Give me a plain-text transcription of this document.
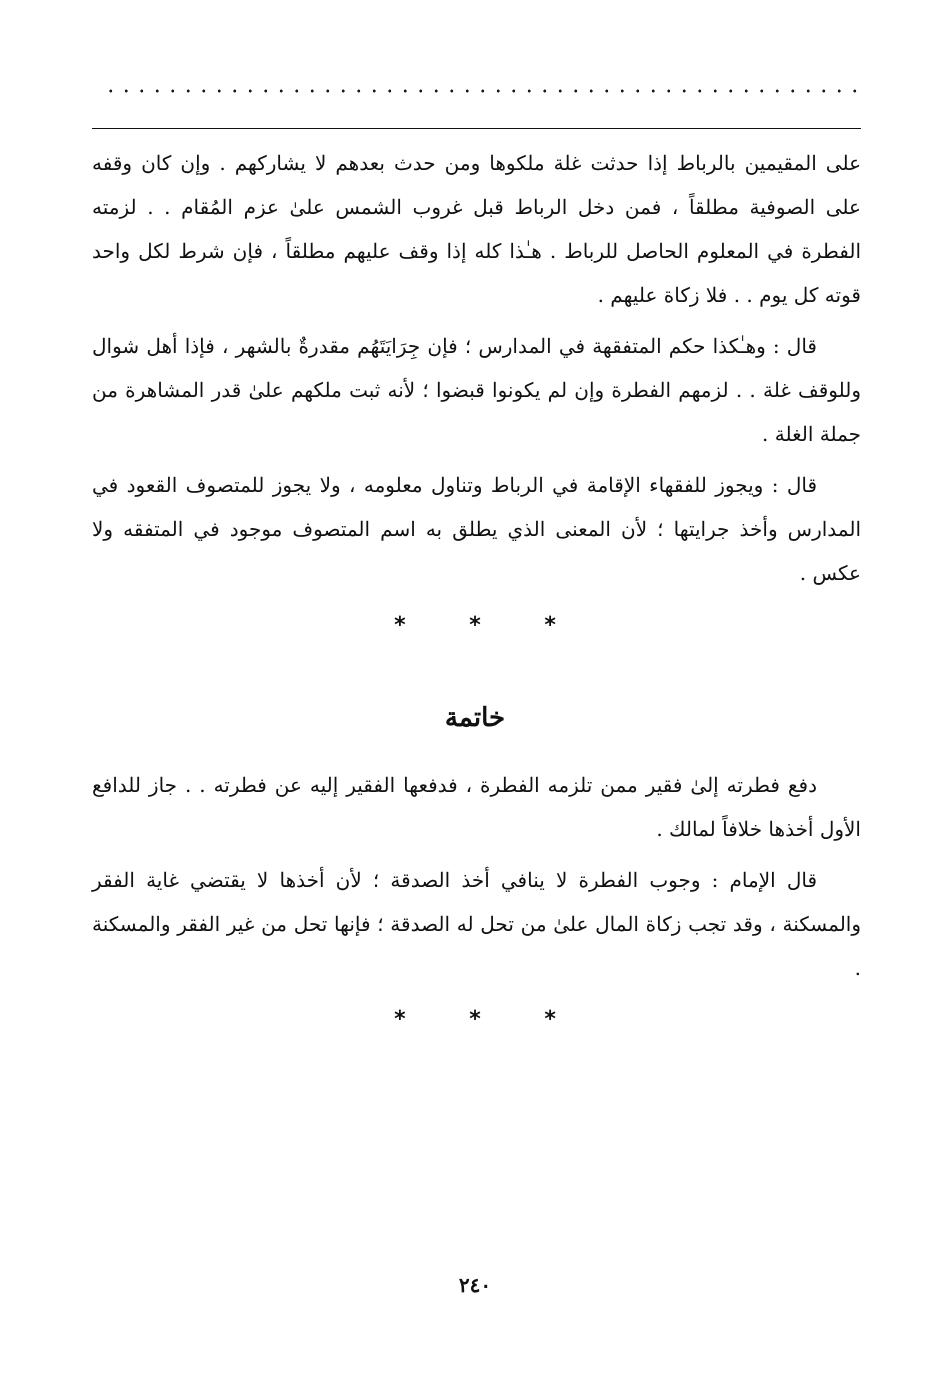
على المقيمين بالرباط إذا حدثت غلة ملكوها ومن حدث بعدهم لا يشاركهم . وإن كان وقفه على الصوفية مطلقاً ، فمن دخل الرباط قبل غروب الشمس علىٰ عزم المُقام . . لزمته الفطرة في المعلوم الحاصل للرباط . هـٰذا كله إذا وقف عليهم مطلقاً ، فإن شرط لكل واحد قوته كل يوم . . فلا زكاة عليهم .

قال : وهـٰكذا حكم المتفقهة في المدارس ؛ فإن جِرَايَتَهُم مقدرةٌ بالشهر ، فإذا أهل شوال وللوقف غلة . . لزمهم الفطرة وإن لم يكونوا قبضوا ؛ لأنه ثبت ملكهم علىٰ قدر المشاهرة من جملة الغلة .

قال : ويجوز للفقهاء الإقامة في الرباط وتناول معلومه ، ولا يجوز للمتصوف القعود في المدارس وأخذ جرايتها ؛ لأن المعنى الذي يطلق به اسم المتصوف موجود في المتفقه ولا عكس .

* * *
خاتمة

دفع فطرته إلىٰ فقير ممن تلزمه الفطرة ، فدفعها الفقير إليه عن فطرته . . جاز للدافع الأول أخذها خلافاً لمالك .

قال الإمام : وجوب الفطرة لا ينافي أخذ الصدقة ؛ لأن أخذها لا يقتضي غاية الفقر والمسكنة ، وقد تجب زكاة المال علىٰ من تحل له الصدقة ؛ فإنها تحل من غير الفقر والمسكنة .

* * *
٢٤٠
